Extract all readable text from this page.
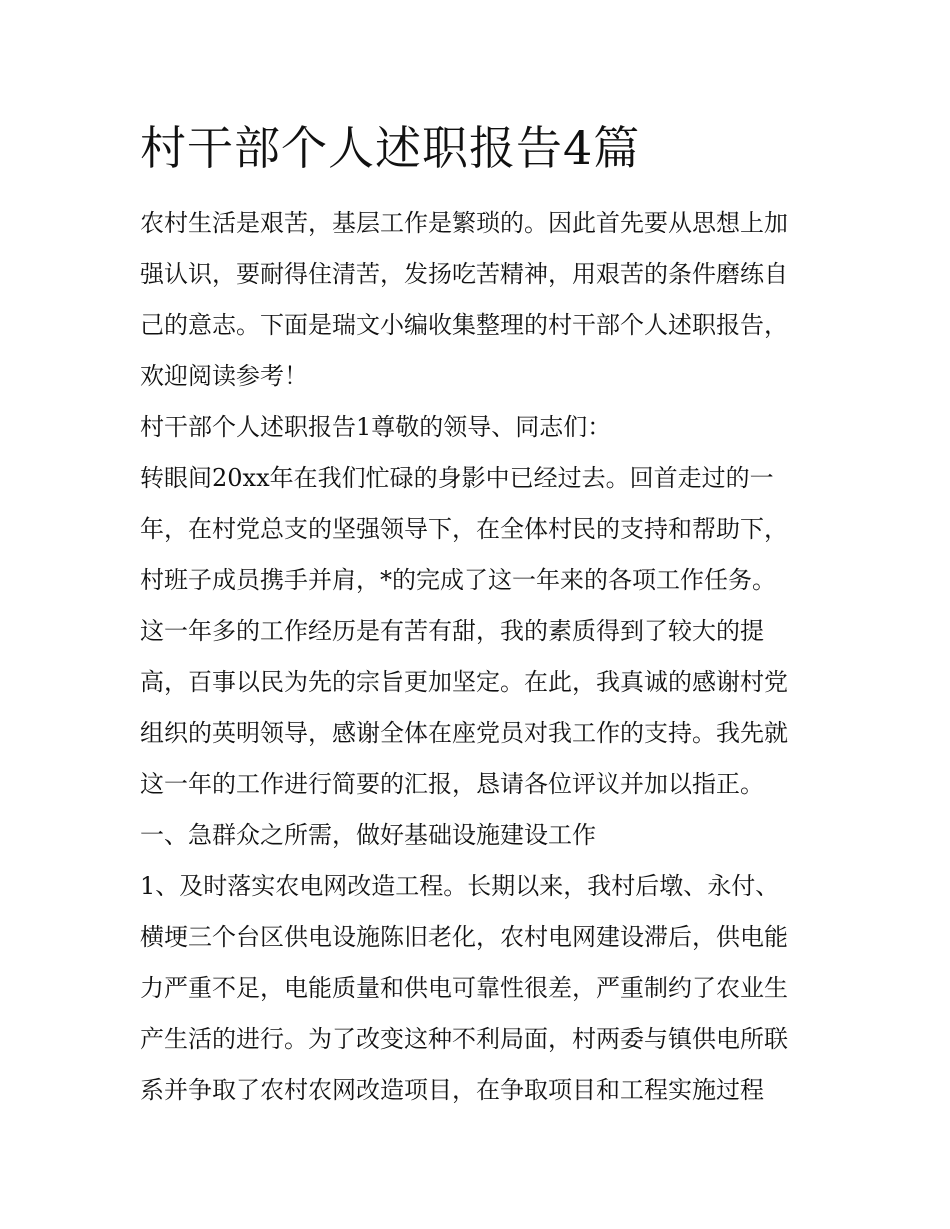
村干部个人述职报告4篇
农村生活是艰苦，基层工作是繁琐的。因此首先要从思想上加
强认识，要耐得住清苦，发扬吃苦精神，用艰苦的条件磨练自
己的意志。下面是瑞文小编收集整理的村干部个人述职报告，
欢迎阅读参考！
村干部个人述职报告1尊敬的领导、同志们：
转眼间20xx年在我们忙碌的身影中已经过去。回首走过的一
年，在村党总支的坚强领导下，在全体村民的支持和帮助下，
村班子成员携手并肩，*的完成了这一年来的各项工作任务。
这一年多的工作经历是有苦有甜，我的素质得到了较大的提
高，百事以民为先的宗旨更加坚定。在此，我真诚的感谢村党
组织的英明领导，感谢全体在座党员对我工作的支持。我先就
这一年的工作进行简要的汇报，恳请各位评议并加以指正。
一、急群众之所需，做好基础设施建设工作
1、及时落实农电网改造工程。长期以来，我村后墩、永付、
横埂三个台区供电设施陈旧老化，农村电网建设滞后，供电能
力严重不足，电能质量和供电可靠性很差，严重制约了农业生
产生活的进行。为了改变这种不利局面，村两委与镇供电所联
系并争取了农村农网改造项目，在争取项目和工程实施过程
